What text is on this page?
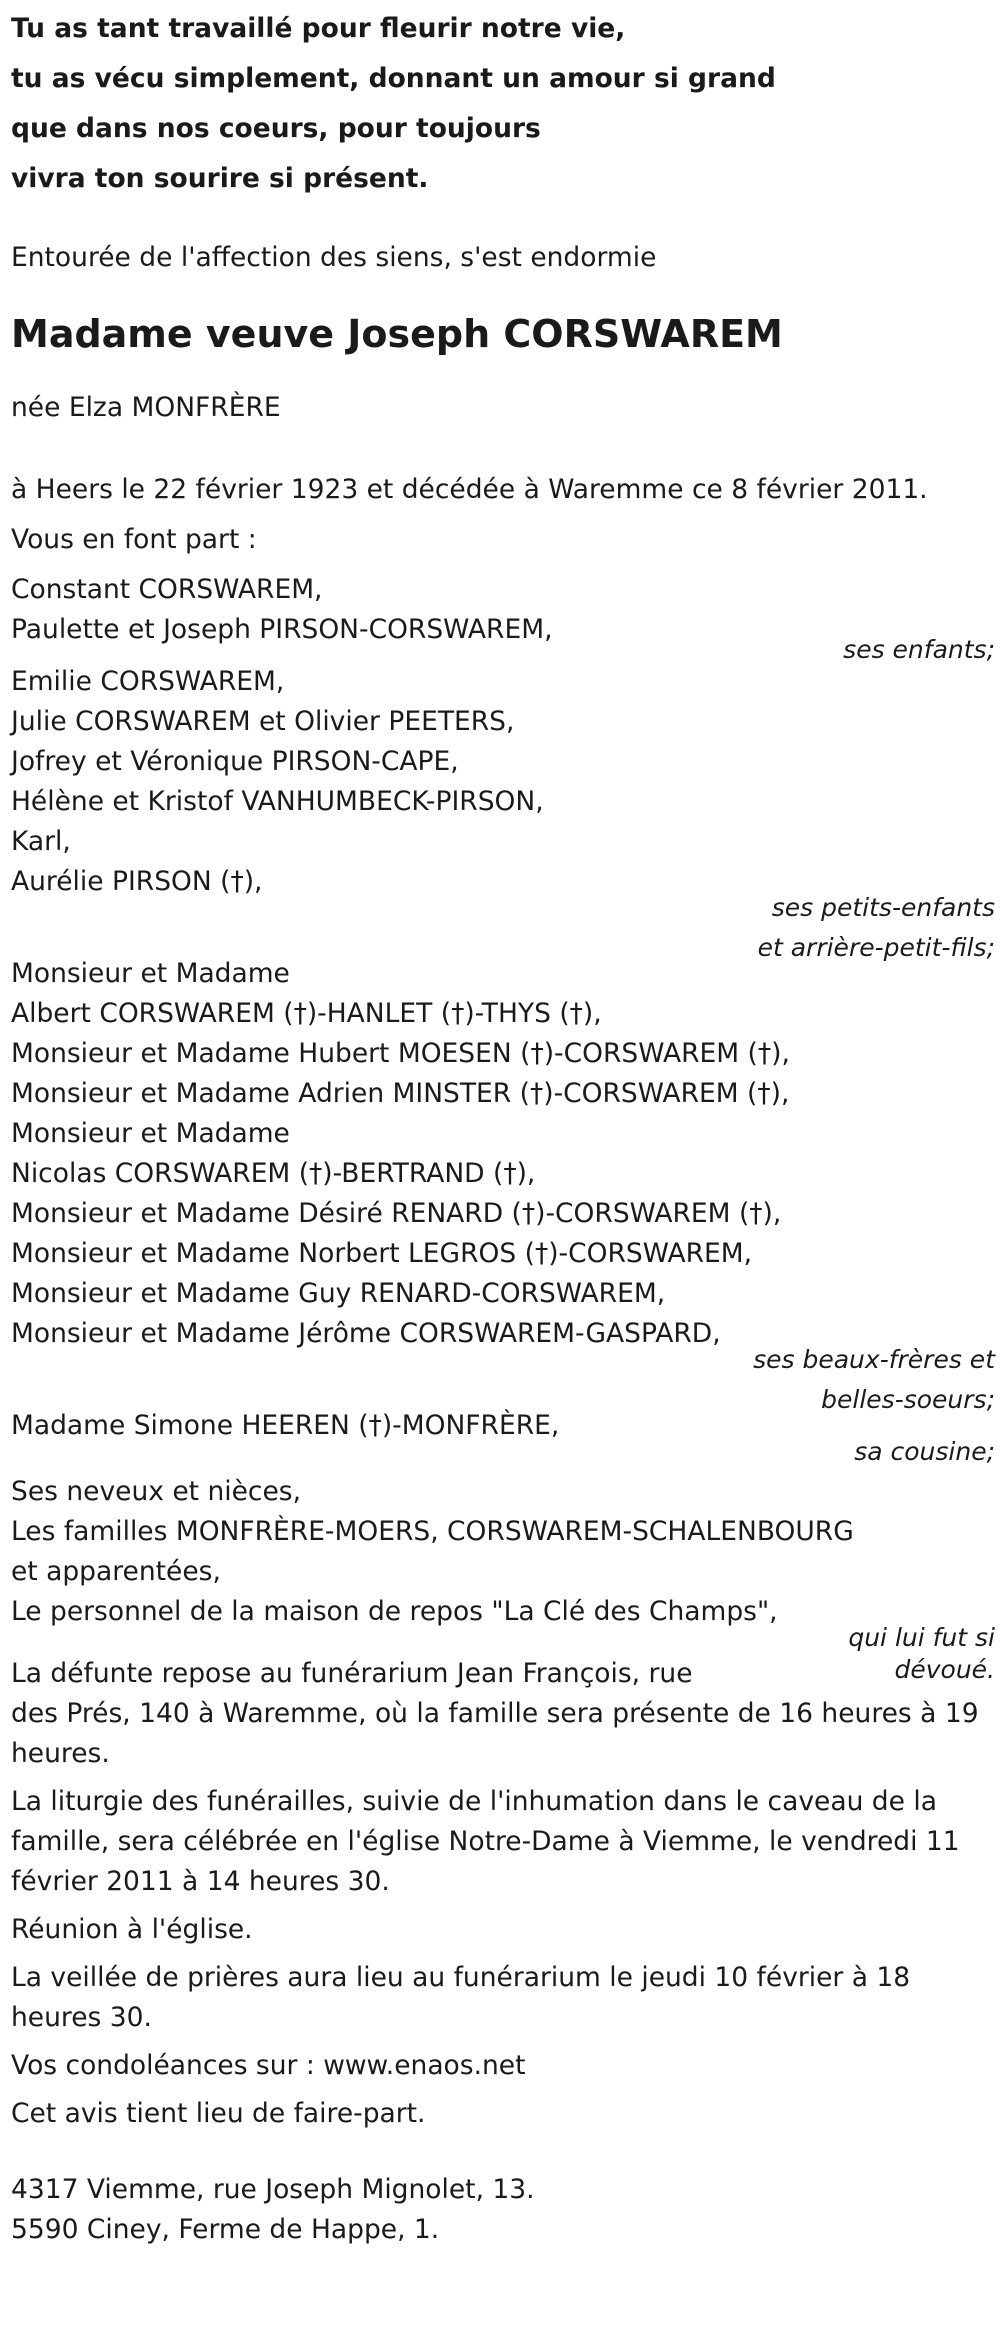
Tu as tant travaillé pour fleurir notre vie,
tu as vécu simplement, donnant un amour si grand
que dans nos coeurs, pour toujours
vivra ton sourire si présent.

Entourée de l'affection des siens, s'est endormie

Madame veuve Joseph CORSWAREM

née Elza MONFRÈRE

à Heers le 22 février 1923 et décédée à Waremme ce 8 février 2011.

Vous en font part :

Constant CORSWAREM,
Paulette et Joseph PIRSON-CORSWAREM,
ses enfants;
Emilie CORSWAREM,
Julie CORSWAREM et Olivier PEETERS,
Jofrey et Véronique PIRSON-CAPE,
Hélène et Kristof VANHUMBECK-PIRSON,
Karl,
Aurélie PIRSON (†),
ses petits-enfants
et arrière-petit-fils;
Monsieur et Madame
Albert CORSWAREM (†)-HANLET (†)-THYS (†),
Monsieur et Madame Hubert MOESEN (†)-CORSWAREM (†),
Monsieur et Madame Adrien MINSTER (†)-CORSWAREM (†),
Monsieur et Madame
Nicolas CORSWAREM (†)-BERTRAND (†),
Monsieur et Madame Désiré RENARD (†)-CORSWAREM (†),
Monsieur et Madame Norbert LEGROS (†)-CORSWAREM,
Monsieur et Madame Guy RENARD-CORSWAREM,
Monsieur et Madame Jérôme CORSWAREM-GASPARD,
ses beaux-frères et
belles-soeurs;
Madame Simone HEEREN (†)-MONFRÈRE,
sa cousine;
Ses neveux et nièces,
Les familles MONFRÈRE-MOERS, CORSWAREM-SCHALENBOURG
et apparentées,
Le personnel de la maison de repos "La Clé des Champs",
qui lui fut si
dévoué.

La défunte repose au funérarium Jean François, rue
des Prés, 140 à Waremme, où la famille sera présente de 16 heures à 19
heures.

La liturgie des funérailles, suivie de l'inhumation dans le caveau de la
famille, sera célébrée en l'église Notre-Dame à Viemme, le vendredi 11
février 2011 à 14 heures 30.

Réunion à l'église.

La veillée de prières aura lieu au funérarium le jeudi 10 février à 18
heures 30.

Vos condoléances sur : www.enaos.net

Cet avis tient lieu de faire-part.

4317 Viemme, rue Joseph Mignolet, 13.
5590 Ciney, Ferme de Happe, 1.
